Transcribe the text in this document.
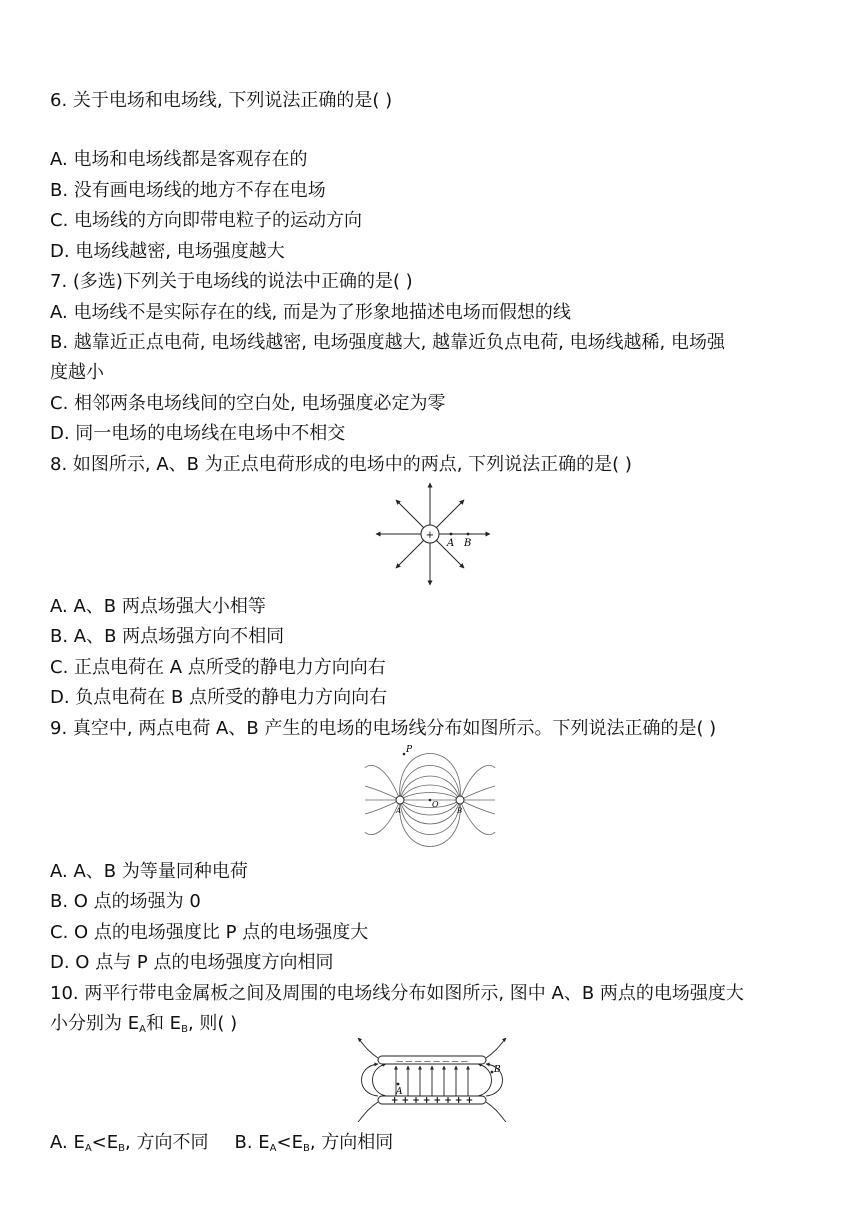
6. 关于电场和电场线, 下列说法正确的是( )
A. 电场和电场线都是客观存在的
B. 没有画电场线的地方不存在电场
C. 电场线的方向即带电粒子的运动方向
D. 电场线越密, 电场强度越大
7. (多选)下列关于电场线的说法中正确的是( )
A. 电场线不是实际存在的线, 而是为了形象地描述电场而假想的线
B. 越靠近正点电荷, 电场线越密, 电场强度越大, 越靠近负点电荷, 电场线越稀, 电场强
度越小
C. 相邻两条电场线间的空白处, 电场强度必定为零
D. 同一电场的电场线在电场中不相交
8. 如图所示, A、B 为正点电荷形成的电场中的两点, 下列说法正确的是( )
+
A B
A. A、B 两点场强大小相等
B. A、B 两点场强方向不相同
C. 正点电荷在 A 点所受的静电力方向向右
D. 负点电荷在 B 点所受的静电力方向向右
9. 真空中, 两点电荷 A、B 产生的电场的电场线分布如图所示。下列说法正确的是( )
P
O
A	B
A. A、B 为等量同种电荷
B. O 点的场强为 0
C. O 点的电场强度比 P 点的电场强度大
D. O 点与 P 点的电场强度方向相同
10. 两平行带电金属板之间及周围的电场线分布如图所示, 图中 A、B 两点的电场强度大
小分别为 $E_A$和 $E_B$, 则( )
— — — — — — — —
+ + + + + + + +
A
B
A. $E_A<E_B$, 方向不同 B. $E_A<E_B$, 方向相同
